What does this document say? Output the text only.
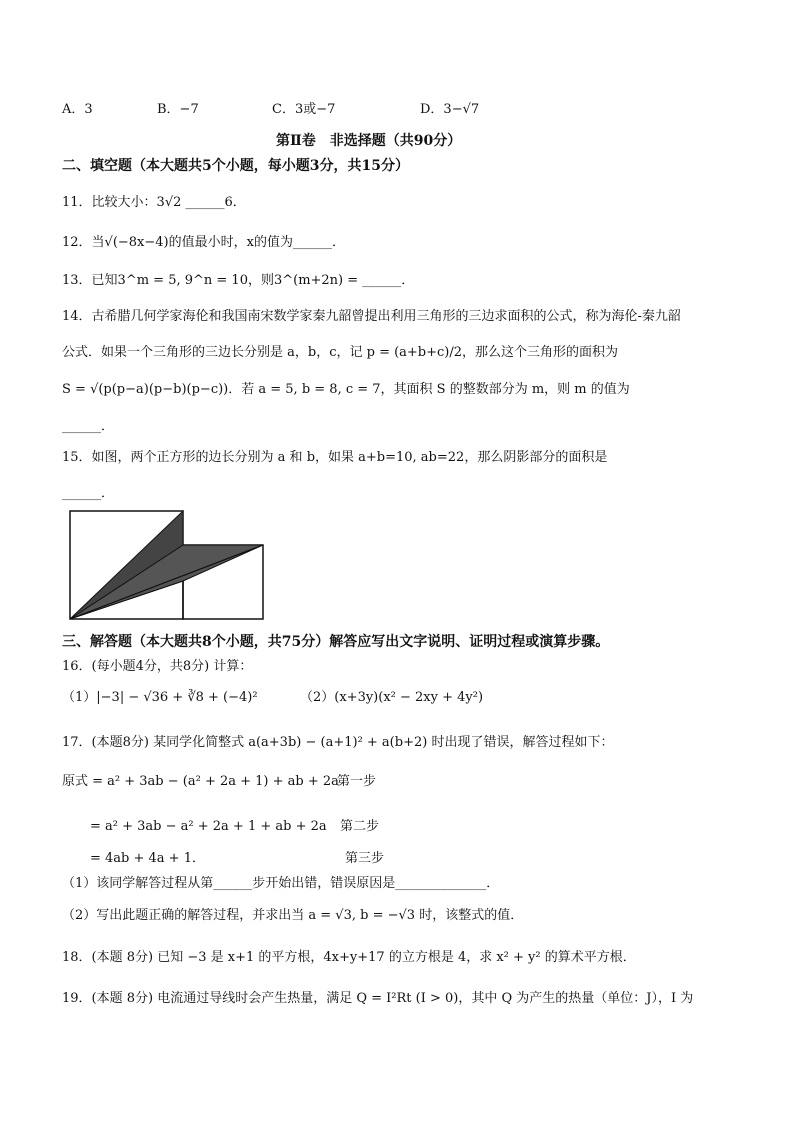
A．3	B．−7	C．3或−7	D．3−√7
第Ⅱ卷　非选择题（共90分）
二、填空题（本大题共5个小题，每小题3分，共15分）
11．比较大小：3√2 ______6．
12．当√(−8x−4)的值最小时，x的值为______．
13．已知3^m = 5, 9^n = 10，则3^(m+2n) = ______．
14．古希腊几何学家海伦和我国南宋数学家秦九韶曾提出利用三角形的三边求面积的公式，称为海伦-秦九韶
公式．如果一个三角形的三边长分别是 a，b，c，记 p = (a+b+c)/2，那么这个三角形的面积为
S = √(p(p−a)(p−b)(p−c))．若 a = 5, b = 8, c = 7，其面积 S 的整数部分为 m，则 m 的值为
______．
15．如图，两个正方形的边长分别为 a 和 b，如果 a+b=10, ab=22，那么阴影部分的面积是
______．
三、解答题（本大题共8个小题，共75分）解答应写出文字说明、证明过程或演算步骤。
16．(每小题4分，共8分) 计算：
（1）|−3| − √36 + ∛8 + (−4)²	（2）(x+3y)(x² − 2xy + 4y²)
17．(本题8分) 某同学化简整式 a(a+3b) − (a+1)² + a(b+2) 时出现了错误，解答过程如下：
原式 = a² + 3ab − (a² + 2a + 1) + ab + 2a
第一步
= a² + 3ab − a² + 2a + 1 + ab + 2a 第二步
= 4ab + 4a + 1．	第三步
（1）该同学解答过程从第______步开始出错，错误原因是______________．
（2）写出此题正确的解答过程，并求出当 a = √3, b = −√3 时，该整式的值．
18．(本题 8分) 已知 −3 是 x+1 的平方根，4x+y+17 的立方根是 4，求 x² + y² 的算术平方根．
19．(本题 8分) 电流通过导线时会产生热量，满足 Q = I²Rt (I > 0)，其中 Q 为产生的热量（单位：J），I 为
